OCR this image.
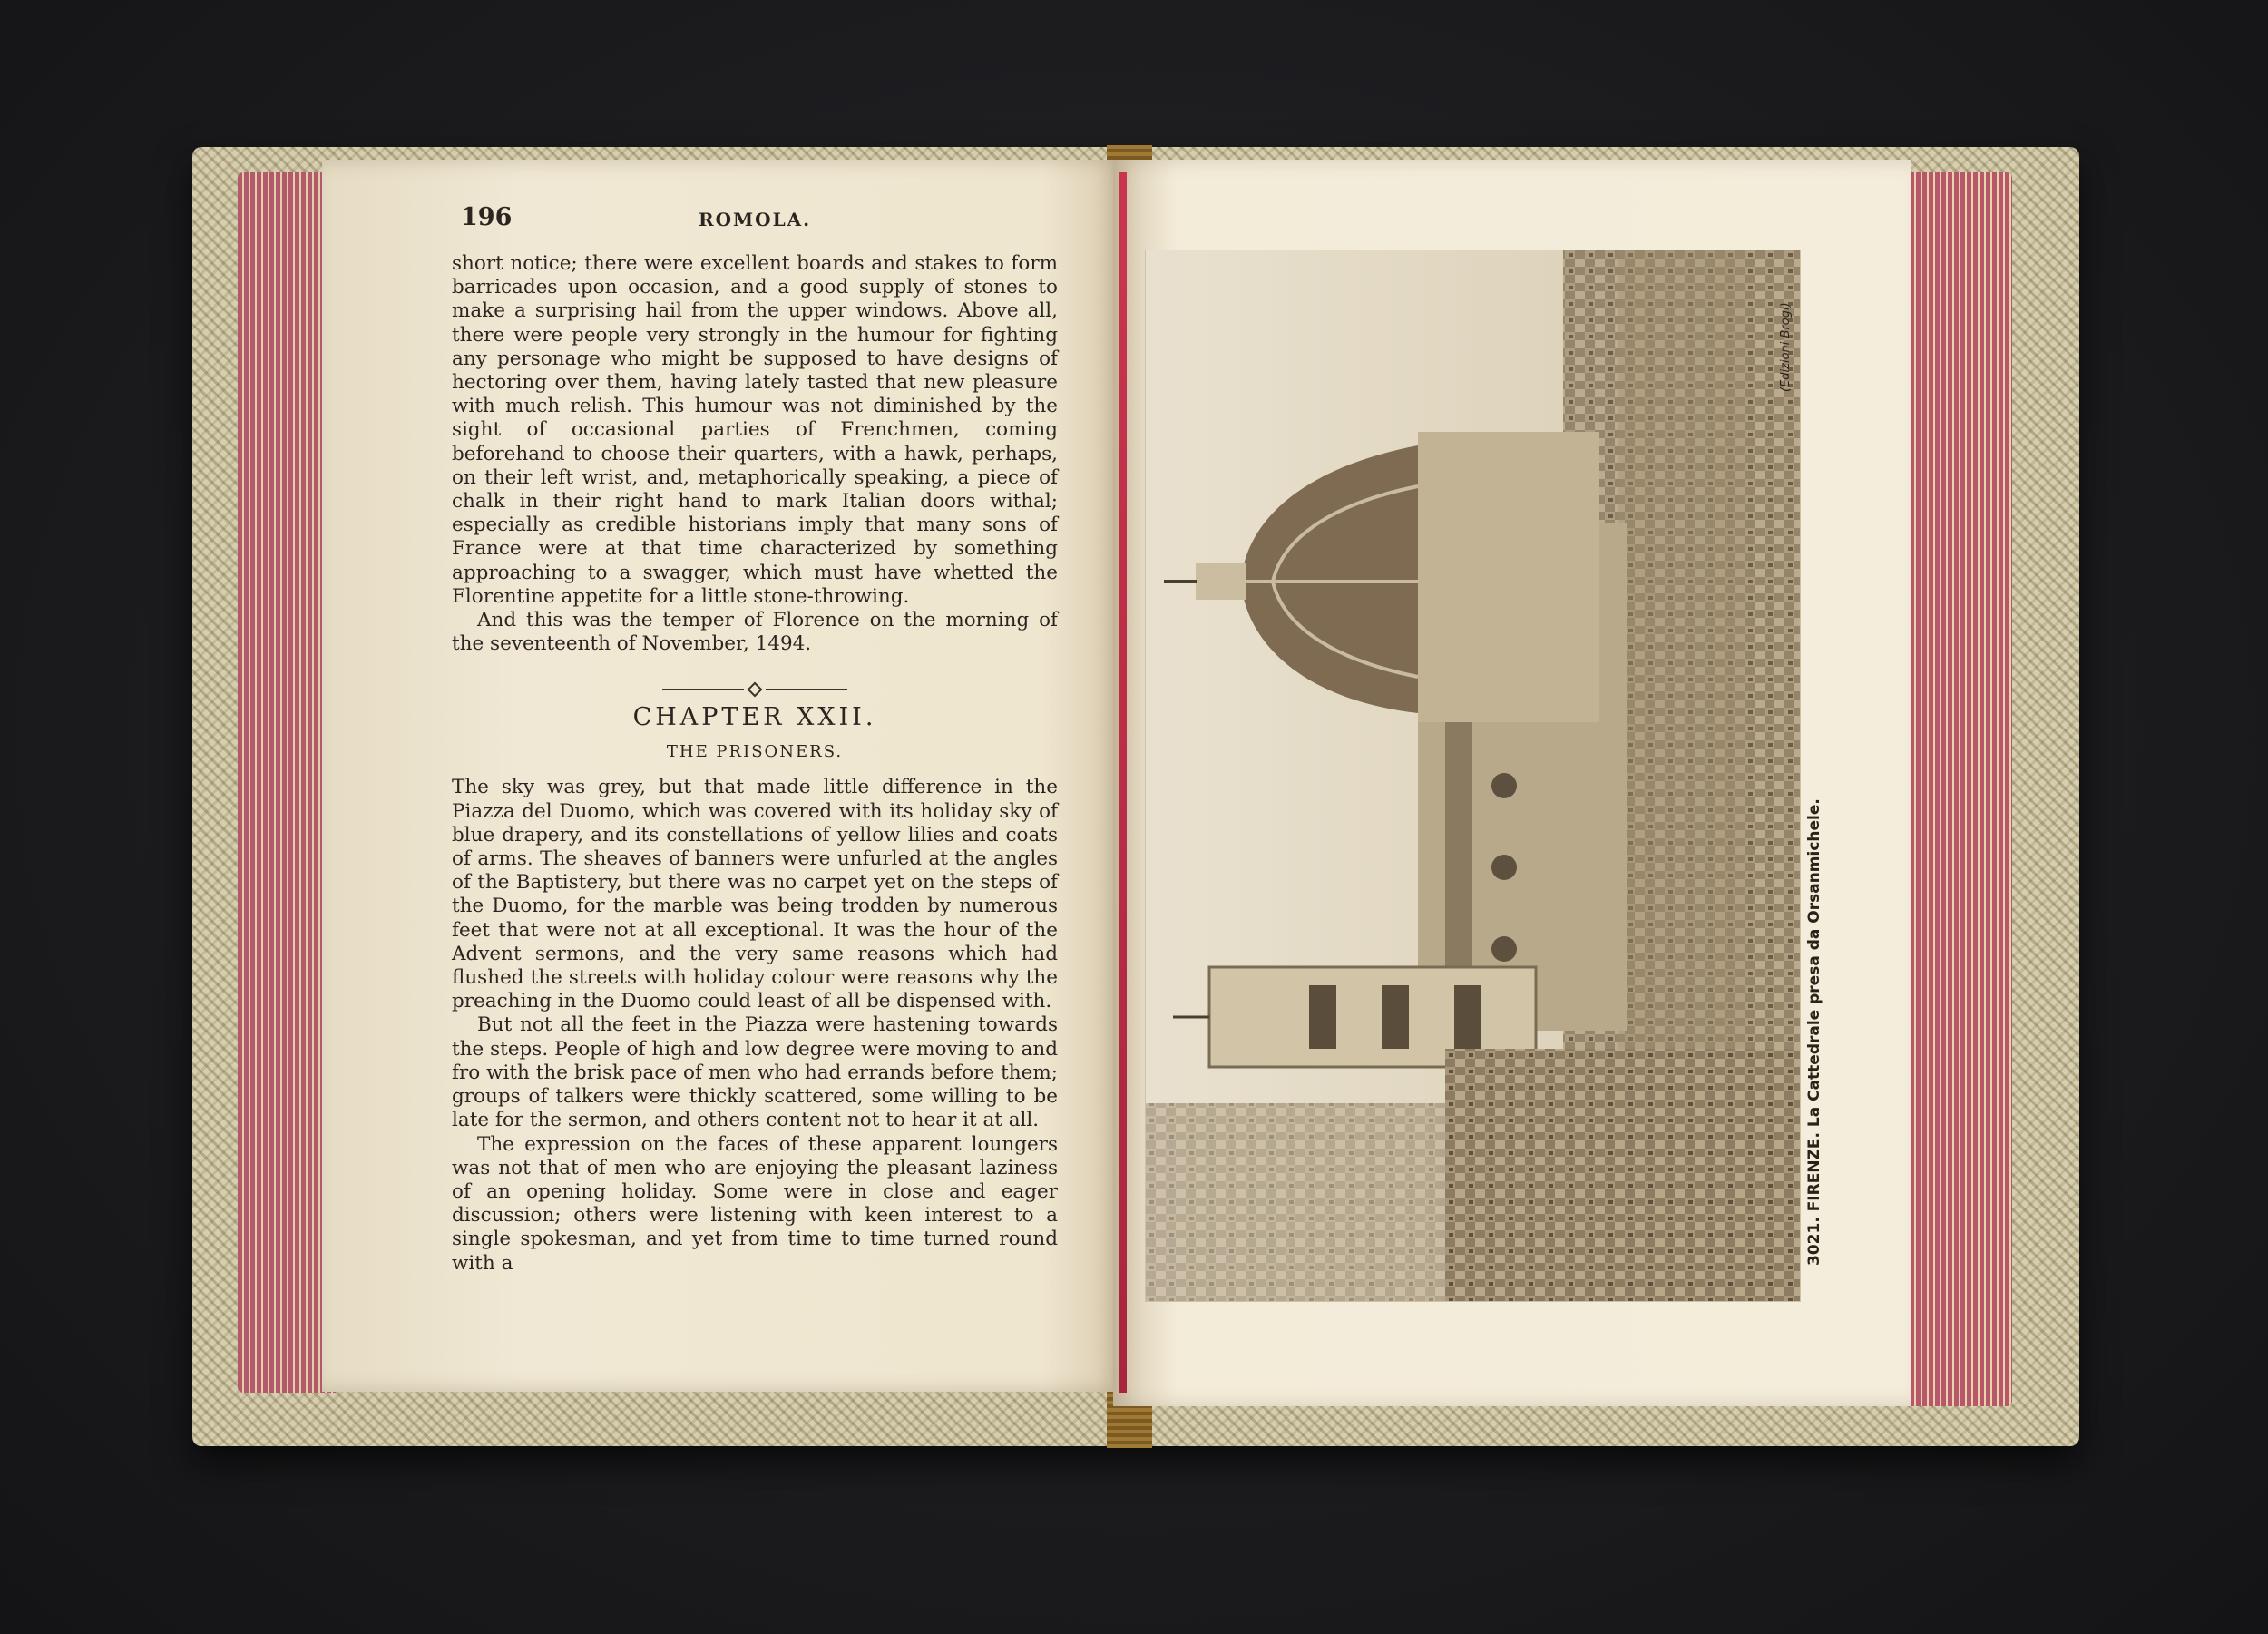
196	ROMOLA.

short notice; there were excellent boards and stakes to form barricades upon occasion, and a good supply of stones to make a surprising hail from the upper windows. Above all, there were people very strongly in the humour for fighting any personage who might be supposed to have designs of hectoring over them, having lately tasted that new pleasure with much relish. This humour was not diminished by the sight of occasional parties of Frenchmen, coming beforehand to choose their quarters, with a hawk, perhaps, on their left wrist, and, metaphorically speaking, a piece of chalk in their right hand to mark Italian doors withal; especially as credible historians imply that many sons of France were at that time characterized by something approaching to a swagger, which must have whetted the Florentine appetite for a little stone-throwing.

And this was the temper of Florence on the morning of the seventeenth of November, 1494.

CHAPTER XXII.
THE PRISONERS.

The sky was grey, but that made little difference in the Piazza del Duomo, which was covered with its holiday sky of blue drapery, and its constellations of yellow lilies and coats of arms. The sheaves of banners were unfurled at the angles of the Baptistery, but there was no carpet yet on the steps of the Duomo, for the marble was being trodden by numerous feet that were not at all exceptional. It was the hour of the Advent sermons, and the very same reasons which had flushed the streets with holiday colour were reasons why the preaching in the Duomo could least of all be dispensed with.

But not all the feet in the Piazza were hastening towards the steps. People of high and low degree were moving to and fro with the brisk pace of men who had errands before them; groups of talkers were thickly scattered, some willing to be late for the sermon, and others content not to hear it at all.

The expression on the faces of these apparent loungers was not that of men who are enjoying the pleasant laziness of an opening holiday. Some were in close and eager discussion; others were listening with keen interest to a single spokesman, and yet from time to time turned round with a	3021. FIRENZE. La Cattedrale presa da Orsanmichele.
(Edizioni Brogi)
